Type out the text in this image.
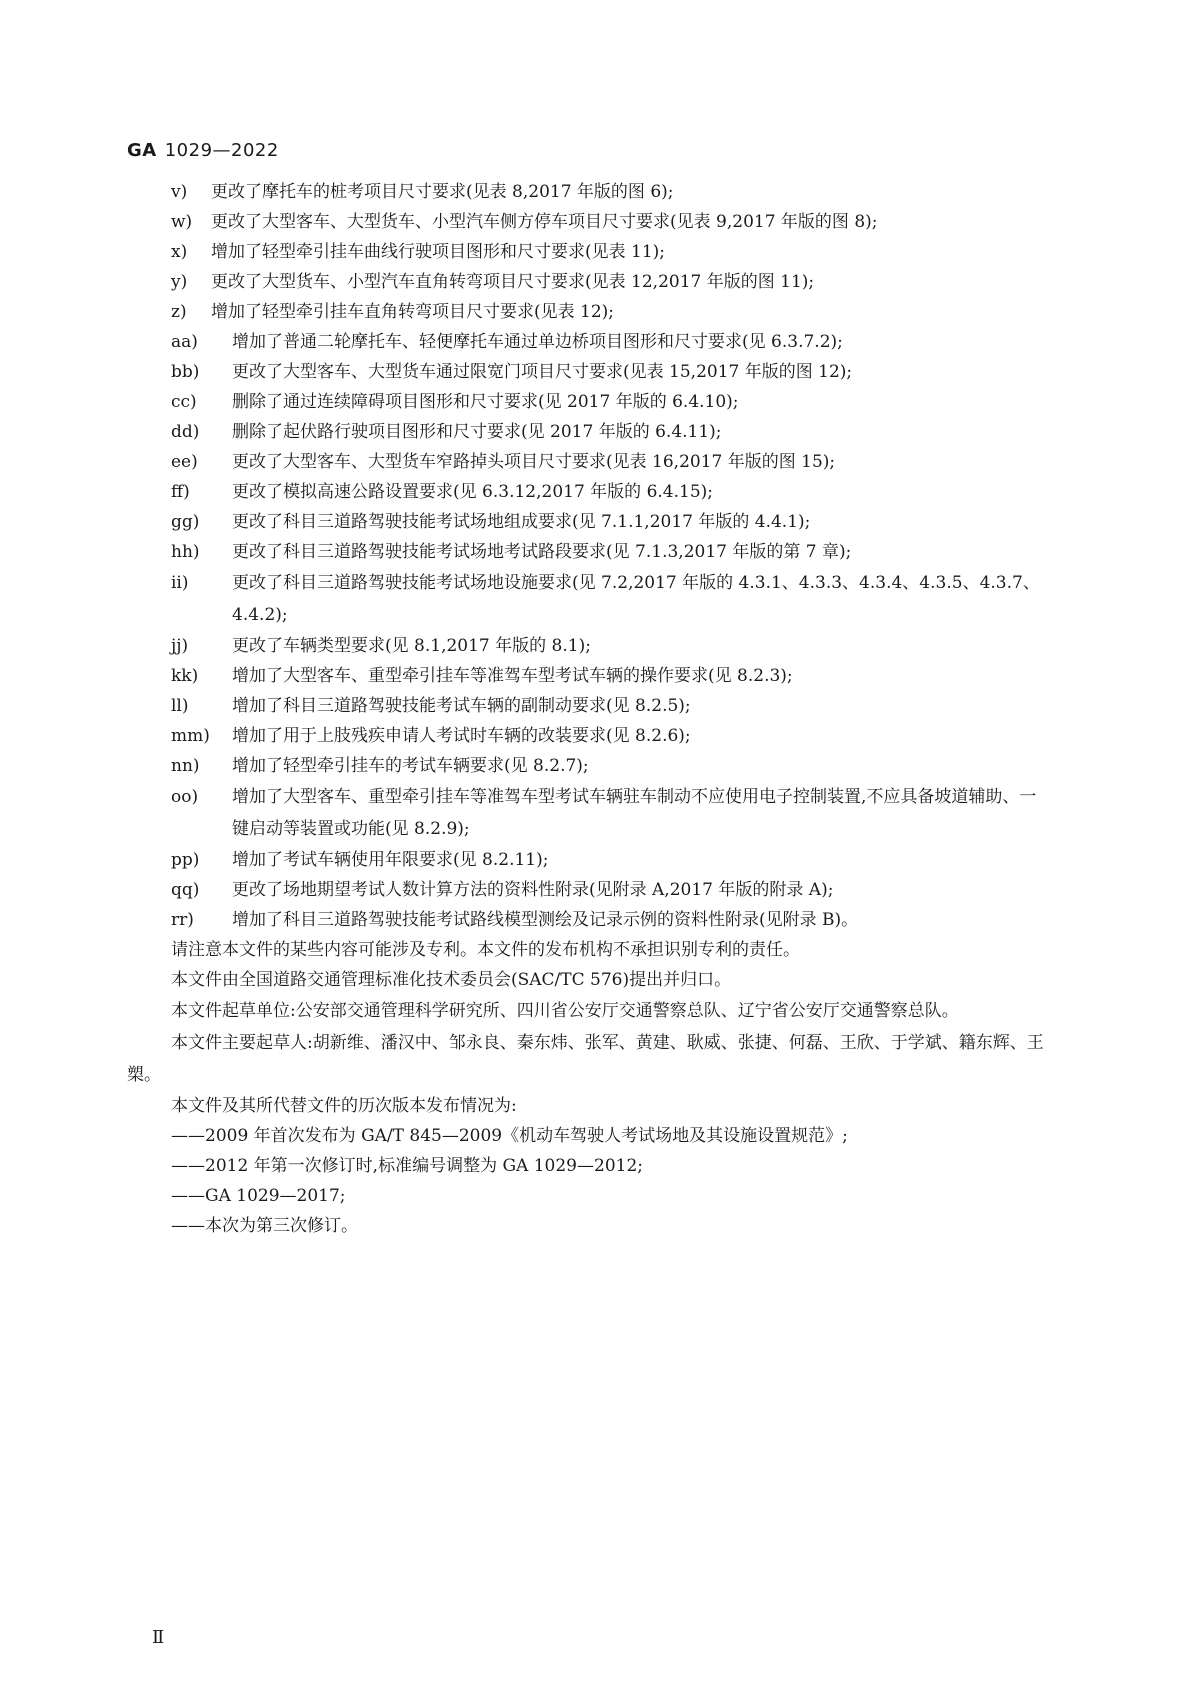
GA 1029—2022
v) 更改了摩托车的桩考项目尺寸要求(见表 8,2017 年版的图 6);
w) 更改了大型客车、大型货车、小型汽车侧方停车项目尺寸要求(见表 9,2017 年版的图 8);
x) 增加了轻型牵引挂车曲线行驶项目图形和尺寸要求(见表 11);
y) 更改了大型货车、小型汽车直角转弯项目尺寸要求(见表 12,2017 年版的图 11);
z) 增加了轻型牵引挂车直角转弯项目尺寸要求(见表 12);
aa) 增加了普通二轮摩托车、轻便摩托车通过单边桥项目图形和尺寸要求(见 6.3.7.2);
bb) 更改了大型客车、大型货车通过限宽门项目尺寸要求(见表 15,2017 年版的图 12);
cc) 删除了通过连续障碍项目图形和尺寸要求(见 2017 年版的 6.4.10);
dd) 删除了起伏路行驶项目图形和尺寸要求(见 2017 年版的 6.4.11);
ee) 更改了大型客车、大型货车窄路掉头项目尺寸要求(见表 16,2017 年版的图 15);
ff) 更改了模拟高速公路设置要求(见 6.3.12,2017 年版的 6.4.15);
gg) 更改了科目三道路驾驶技能考试场地组成要求(见 7.1.1,2017 年版的 4.4.1);
hh) 更改了科目三道路驾驶技能考试场地考试路段要求(见 7.1.3,2017 年版的第 7 章);
ii)	更改了科目三道路驾驶技能考试场地设施要求(见 7.2,2017 年版的 4.3.1、4.3.3、4.3.4、4.3.5、4.3.7、4.4.2);
jj)	更改了车辆类型要求(见 8.1,2017 年版的 8.1);
kk) 增加了大型客车、重型牵引挂车等准驾车型考试车辆的操作要求(见 8.2.3);
ll)	增加了科目三道路驾驶技能考试车辆的副制动要求(见 8.2.5);
mm) 增加了用于上肢残疾申请人考试时车辆的改装要求(见 8.2.6);
nn) 增加了轻型牵引挂车的考试车辆要求(见 8.2.7);
oo) 增加了大型客车、重型牵引挂车等准驾车型考试车辆驻车制动不应使用电子控制装置,不应具备坡道辅助、一键启动等装置或功能(见 8.2.9);
pp) 增加了考试车辆使用年限要求(见 8.2.11);
qq) 更改了场地期望考试人数计算方法的资料性附录(见附录 A,2017 年版的附录 A);
rr) 增加了科目三道路驾驶技能考试路线模型测绘及记录示例的资料性附录(见附录 B)。
请注意本文件的某些内容可能涉及专利。本文件的发布机构不承担识别专利的责任。
本文件由全国道路交通管理标准化技术委员会(SAC/TC 576)提出并归口。
本文件起草单位:公安部交通管理科学研究所、四川省公安厅交通警察总队、辽宁省公安厅交通警察总队。
本文件主要起草人:胡新维、潘汉中、邹永良、秦东炜、张军、黄建、耿威、张捷、何磊、王欣、于学斌、籍东辉、王槊。
本文件及其所代替文件的历次版本发布情况为:
——2009 年首次发布为 GA/T 845—2009《机动车驾驶人考试场地及其设施设置规范》;
——2012 年第一次修订时,标准编号调整为 GA 1029—2012;
——GA 1029—2017;
——本次为第三次修订。
Ⅱ
